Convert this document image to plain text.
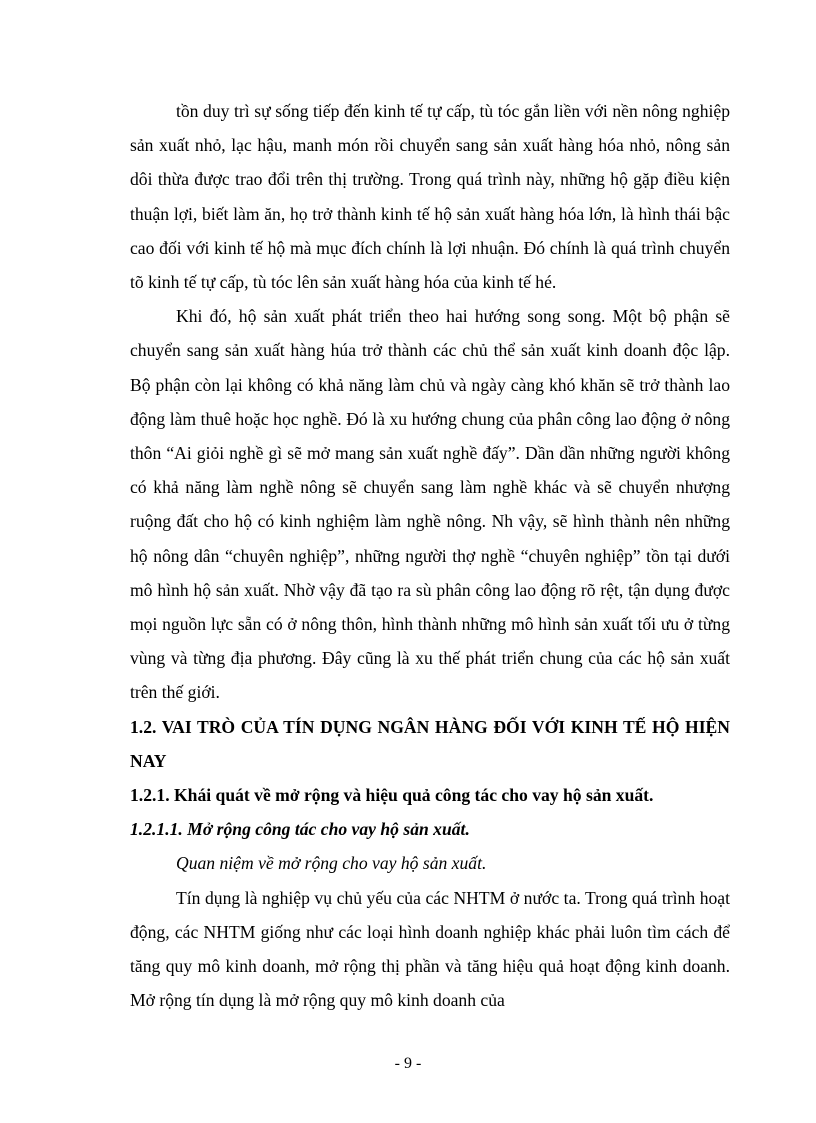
tồn duy trì sự sống tiếp đến kinh tế tự cấp, tù tóc gắn liền với nền nông nghiệp sản xuất nhỏ, lạc hậu, manh món rồi chuyển sang sản xuất hàng hóa nhỏ, nông sản dôi thừa được trao đổi trên thị trường. Trong quá trình này, những hộ gặp điều kiện thuận lợi, biết làm ăn, họ trở thành kinh tế hộ sản xuất hàng hóa lớn, là hình thái bậc cao đối với kinh tế hộ mà mục đích chính là lợi nhuận. Đó chính là quá trình chuyển tõ kinh tế tự cấp, tù tóc lên sản xuất hàng hóa của kinh tế hé.

Khi đó, hộ sản xuất phát triển theo hai hướng song song. Một bộ phận sẽ chuyển sang sản xuất hàng húa trở thành các chủ thể sản xuất kinh doanh độc lập. Bộ phận còn lại không có khả năng làm chủ và ngày càng khó khăn sẽ trở thành lao động làm thuê hoặc học nghề. Đó là xu hướng chung của phân công lao động ở nông thôn “Ai giỏi nghề gì sẽ mở mang sản xuất nghề đấy”. Dần dần những người không có khả năng làm nghề nông sẽ chuyển sang làm nghề khác và sẽ chuyển nhượng ruộng đất cho hộ có kinh nghiệm làm nghề nông. Nh vậy, sẽ hình thành nên những hộ nông dân “chuyên nghiệp”, những người thợ nghề “chuyên nghiệp” tồn tại dưới mô hình hộ sản xuất. Nhờ vậy đã tạo ra sù phân công lao động rõ rệt, tận dụng được mọi nguồn lực sẵn có ở nông thôn, hình thành những mô hình sản xuất tối ưu ở từng vùng và từng địa phương. Đây cũng là xu thế phát triển chung của các hộ sản xuất trên thế giới.

1.2. VAI TRÒ CỦA TÍN DỤNG NGÂN HÀNG ĐỐI VỚI KINH TẾ HỘ HIỆN NAY

1.2.1. Khái quát về mở rộng và hiệu quả công tác cho vay hộ sản xuất.

1.2.1.1. Mở rộng công tác cho vay hộ sản xuất.

Quan niệm về mở rộng cho vay hộ sản xuất.

Tín dụng là nghiệp vụ chủ yếu của các NHTM ở nước ta. Trong quá trình hoạt động, các NHTM giống như các loại hình doanh nghiệp khác phải luôn tìm cách để tăng quy mô kinh doanh, mở rộng thị phần và tăng hiệu quả hoạt động kinh doanh. Mở rộng tín dụng là mở rộng quy mô kinh doanh của

- 9 -
